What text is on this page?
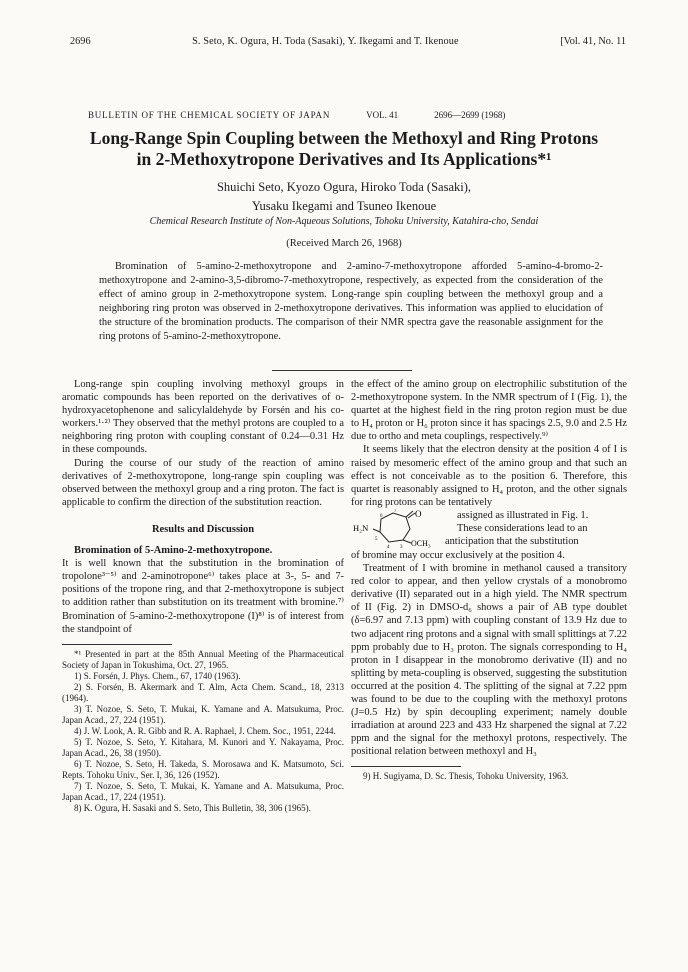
2696	S. Seto, K. Ogura, H. Toda (Sasaki), Y. Ikegami and T. Ikenoue	[Vol. 41, No. 11
BULLETIN OF THE CHEMICAL SOCIETY OF JAPAN	VOL. 41	2696—2699 (1968)
Long-Range Spin Coupling between the Methoxyl and Ring Protons
in 2-Methoxytropone Derivatives and Its Applications*¹
Shuichi Seto, Kyozo Ogura, Hiroko Toda (Sasaki),
Yusaku Ikegami and Tsuneo Ikenoue
Chemical Research Institute of Non-Aqueous Solutions, Tohoku University, Katahira-cho, Sendai
(Received March 26, 1968)

Bromination of 5-amino-2-methoxytropone and 2-amino-7-methoxytropone afforded 5-amino-4-bromo-2-methoxytropone and 2-amino-3,5-dibromo-7-methoxytropone, respectively, as expected from the consideration of the effect of amino group in 2-methoxytropone system. Long-range spin coupling between the methoxyl group and a neighboring ring proton was observed in 2-methoxytropone derivatives. This information was applied to elucidation of the structure of the bromination products. The comparison of their NMR spectra gave the reasonable assignment for the ring protons of 5-amino-2-methoxytropone.

Long-range spin coupling involving methoxyl groups in aromatic compounds has been reported on the derivatives of o-hydroxyacetophenone and salicylaldehyde by Forsén and his co-workers.¹·²⁾ They observed that the methyl protons are coupled to a neighboring ring proton with coupling constant of 0.24—0.31 Hz in these compounds.

During the course of our study of the reaction of amino derivatives of 2-methoxytropone, long-range spin coupling was observed between the methoxyl group and a ring proton. The fact is applicable to confirm the direction of the substitution reaction.

Results and Discussion

Bromination of 5-Amino-2-methoxytropone.

It is well known that the substitution in the bromination of tropolone³⁻⁵⁾ and 2-aminotropone⁶⁾ takes place at 3-, 5- and 7-positions of the tropone ring, and that 2-methoxytropone is subject to addition rather than substitution on its treatment with bromine.⁷⁾ Bromination of 5-amino-2-methoxytropone (I)⁸⁾ is of interest from the standpoint of

*¹ Presented in part at the 85th Annual Meeting of the Pharmaceutical Society of Japan in Tokushima, Oct. 27, 1965.

1) S. Forsén, J. Phys. Chem., 67, 1740 (1963).

2) S. Forsén, B. Akermark and T. Alm, Acta Chem. Scand., 18, 2313 (1964).

3) T. Nozoe, S. Seto, T. Mukai, K. Yamane and A. Matsukuma, Proc. Japan Acad., 27, 224 (1951).

4) J. W. Look, A. R. Gibb and R. A. Raphael, J. Chem. Soc., 1951, 2244.

5) T. Nozoe, S. Seto, Y. Kitahara, M. Kunori and Y. Nakayama, Proc. Japan Acad., 26, 38 (1950).

6) T. Nozoe, S. Seto, H. Takeda, S. Morosawa and K. Matsumoto, Sci. Repts. Tohoku Univ., Ser. I, 36, 126 (1952).

7) T. Nozoe, S. Seto, T. Mukai, K. Yamane and A. Matsukuma, Proc. Japan Acad., 17, 224 (1951).

8) K. Ogura, H. Sasaki and S. Seto, This Bulletin, 38, 306 (1965).

the effect of the amino group on electrophilic substitution of the 2-methoxytropone system. In the NMR spectrum of I (Fig. 1), the quartet at the highest field in the ring proton region must be due to H₄ proton or H₆ proton since it has spacings 2.5, 9.0 and 2.5 Hz due to ortho and meta couplings, respectively.⁹⁾

It seems likely that the electron density at the position 4 of I is raised by mesomeric effect of the amino group and that such an effect is not conceivable as to the position 6. Therefore, this quartet is reasonably assigned to H₄ proton, and the other signals for ring protons can be tentatively

O
OCH₃
H₂N
7
6
5
4 3
assigned as illustrated in Fig. 1.
These considerations lead to an
anticipation that the substitution

of bromine may occur exclusively at the position 4.

Treatment of I with bromine in methanol caused a transitory red color to appear, and then yellow crystals of a monobromo derivative (II) separated out in a high yield. The NMR spectrum of II (Fig. 2) in DMSO-d₆ shows a pair of AB type doublet (δ=6.97 and 7.13 ppm) with coupling constant of 13.9 Hz due to two adjacent ring protons and a signal with small splittings at 7.22 ppm probably due to H₃ proton. The signals corresponding to H₄ proton in I disappear in the monobromo derivative (II) and no splitting by meta-coupling is observed, suggesting the substitution occurred at the position 4. The splitting of the signal at 7.22 ppm was found to be due to the coupling with the methoxyl protons (J=0.5 Hz) by spin decoupling experiment; namely double irradiation at around 223 and 433 Hz sharpened the signal at 7.22 ppm and the signal for the methoxyl protons, respectively. The positional relation between methoxyl and H₃

9) H. Sugiyama, D. Sc. Thesis, Tohoku University, 1963.
